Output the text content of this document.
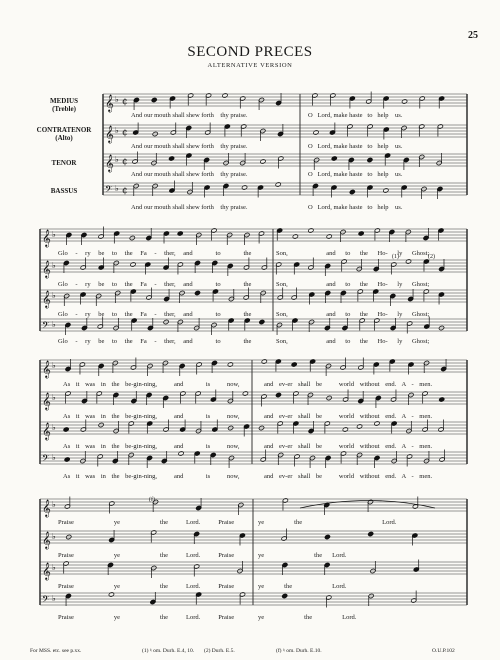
25
SECOND PRECES
ALTERNATIVE VERSION
MEDIUS
(Treble)
CONTRATENOR
(Alto)
TENOR
BASSUS
𝄞 ♭ ¢
𝄞 ♭ ¢
𝄞 ♭ ¢
𝄢 ♭ ¢
𝄞 ♭
𝄞 ♭
𝄞 ♭
𝄢 ♭
𝄞 ♭
𝄞 ♭
𝄞 ♭
𝄢 ♭
𝄞 ♭
𝄞 ♭
𝄞 ♭
𝄢 ♭
And our mouth shall shew forth thy praise.	O Lord, make haste to help us.
And our mouth shall shew forth thy praise.	O Lord, make haste to help us.
And our mouth shall shew forth thy praise.	O Lord, make haste to help us.
And our mouth shall shew forth thy praise.	O Lord, make haste to help us.
Glo - ry be to the Fa - ther, and	to	the	Son,	and to the Ho- ly Ghost;
Glo - ry be to the Fa - ther, and	to	the	Son,	and to the Ho- ly Ghost;
Glo - ry be to the Fa - ther, and	to	the	Son,	and to the Ho- ly Ghost;
Glo - ry be to the Fa - ther, and	to	the	Son,	and to the Ho- ly Ghost;
(1)	(2)
As it was in the be-gin-ning,	and	is	now,	and ev-er shall be	world without end. A - men.
As it was in the be-gin-ning,	and	is	now,	and ev-er shall be	world without end. A - men.
As it was in the be-gin-ning,	and	is	now,	and ev-er shall be	world without end. A - men.
As it was in the be-gin-ning,	and	is	now,	and ev-er shall be	world without end. A - men.
(f)
Praise	ye	the	Lord.	Praise	ye	the	Lord.
Praise	ye	the	Lord.	Praise	ye	the Lord.
Praise	ye	the	Lord.	Praise	ye	the	Lord.
Praise	ye	the	Lord.	Praise	ye	the	Lord.
For MSS. etc. see p.xx.	(1) ♮ om. Durh. E.4, 10. (2) Durh. E.5.	(f) ♮ om. Durh. E.10.	O.U.P.102
